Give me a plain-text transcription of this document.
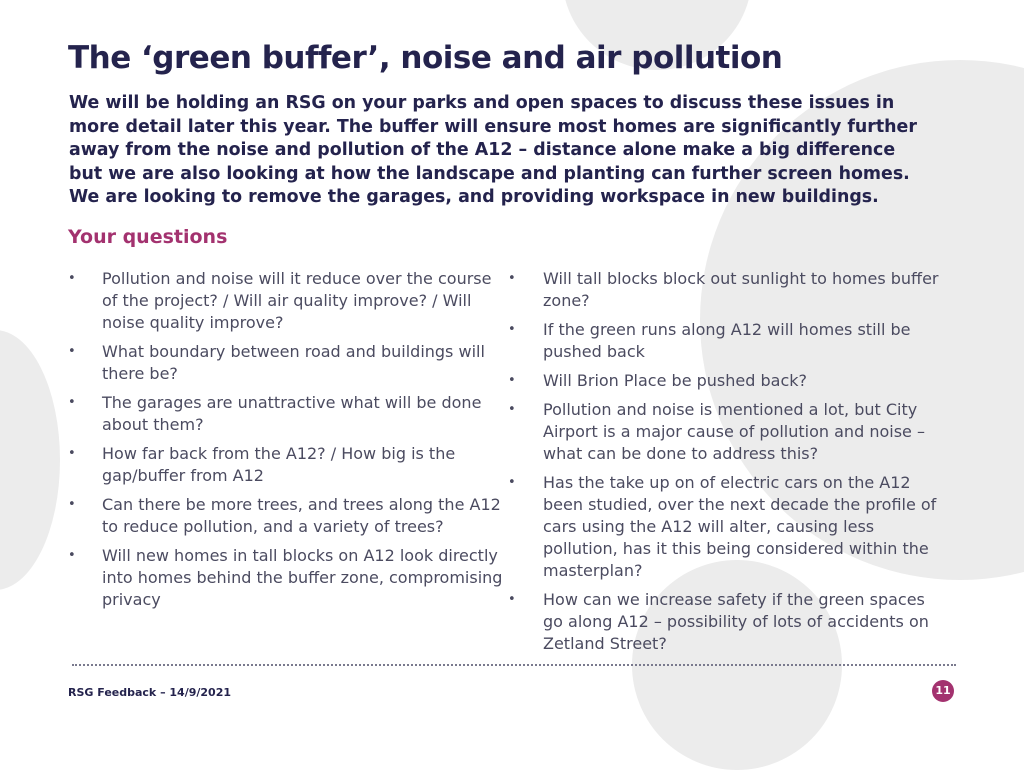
The ‘green buffer’, noise and air pollution

We will be holding an RSG on your parks and open spaces to discuss these issues in more detail later this year. The buffer will ensure most homes are significantly further away from the noise and pollution of the A12 – distance alone make a big difference but we are also looking at how the landscape and planting can further screen homes. We are looking to remove the garages, and providing workspace in new buildings.

Your questions
• Pollution and noise will it reduce over the course of the project? / Will air quality improve? / Will noise quality improve?
• What boundary between road and buildings will there be?
• The garages are unattractive what will be done about them?
• How far back from the A12? / How big is the gap/buffer from A12
• Can there be more trees, and trees along the A12 to reduce pollution, and a variety of trees?
• Will new homes in tall blocks on A12 look directly into homes behind the buffer zone, compromising privacy
• Will tall blocks block out sunlight to homes buffer zone?
• If the green runs along A12 will homes still be pushed back
• Will Brion Place be pushed back?
• Pollution and noise is mentioned a lot, but City Airport is a major cause of pollution and noise – what can be done to address this?
• Has the take up on of electric cars on the A12 been studied, over the next decade the profile of cars using the A12 will alter, causing less pollution, has it this being considered within the masterplan?
• How can we increase safety if the green spaces go along A12 – possibility of lots of accidents on Zetland Street?
RSG Feedback – 14/9/2021	11
